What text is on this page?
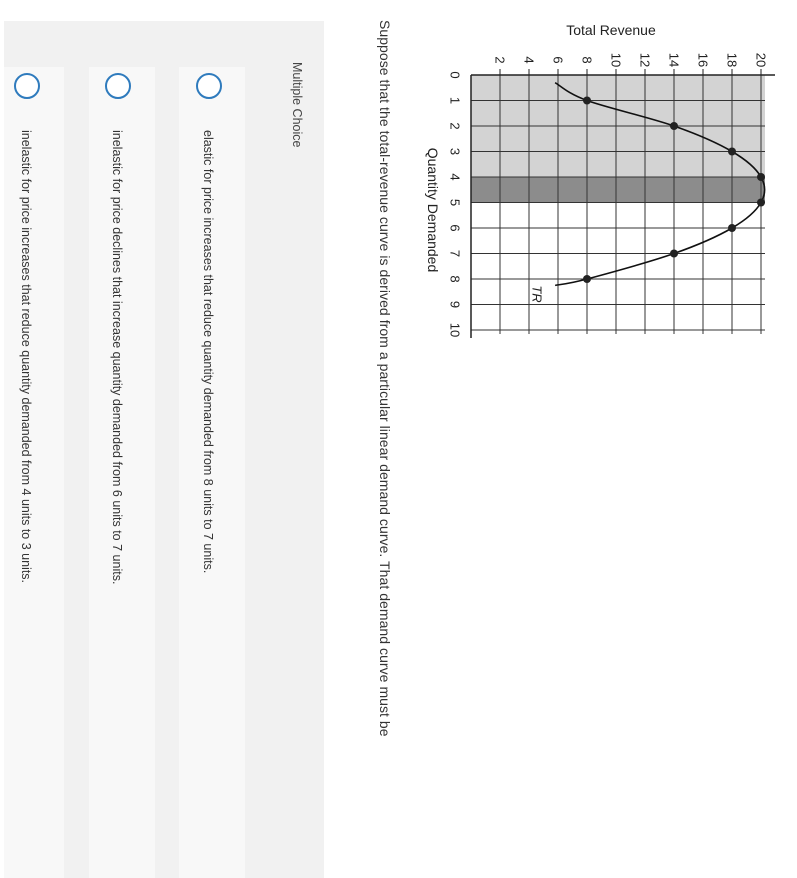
Suppose that the total-revenue curve is derived from a particular linear demand curve. That demand curve must be
Multiple Choice
elastic for price increases that reduce quantity demanded from 8 units to 7 units.
inelastic for price declines that increase quantity demanded from 6 units to 7 units.
inelastic for price increases that reduce quantity demanded from 4 units to 3 units.
2 4 6 8 10 12 14 16 18 20
0
1
2
3
4
5
6
7
8
9
10
Total Revenue
Quantity Demanded
TR
